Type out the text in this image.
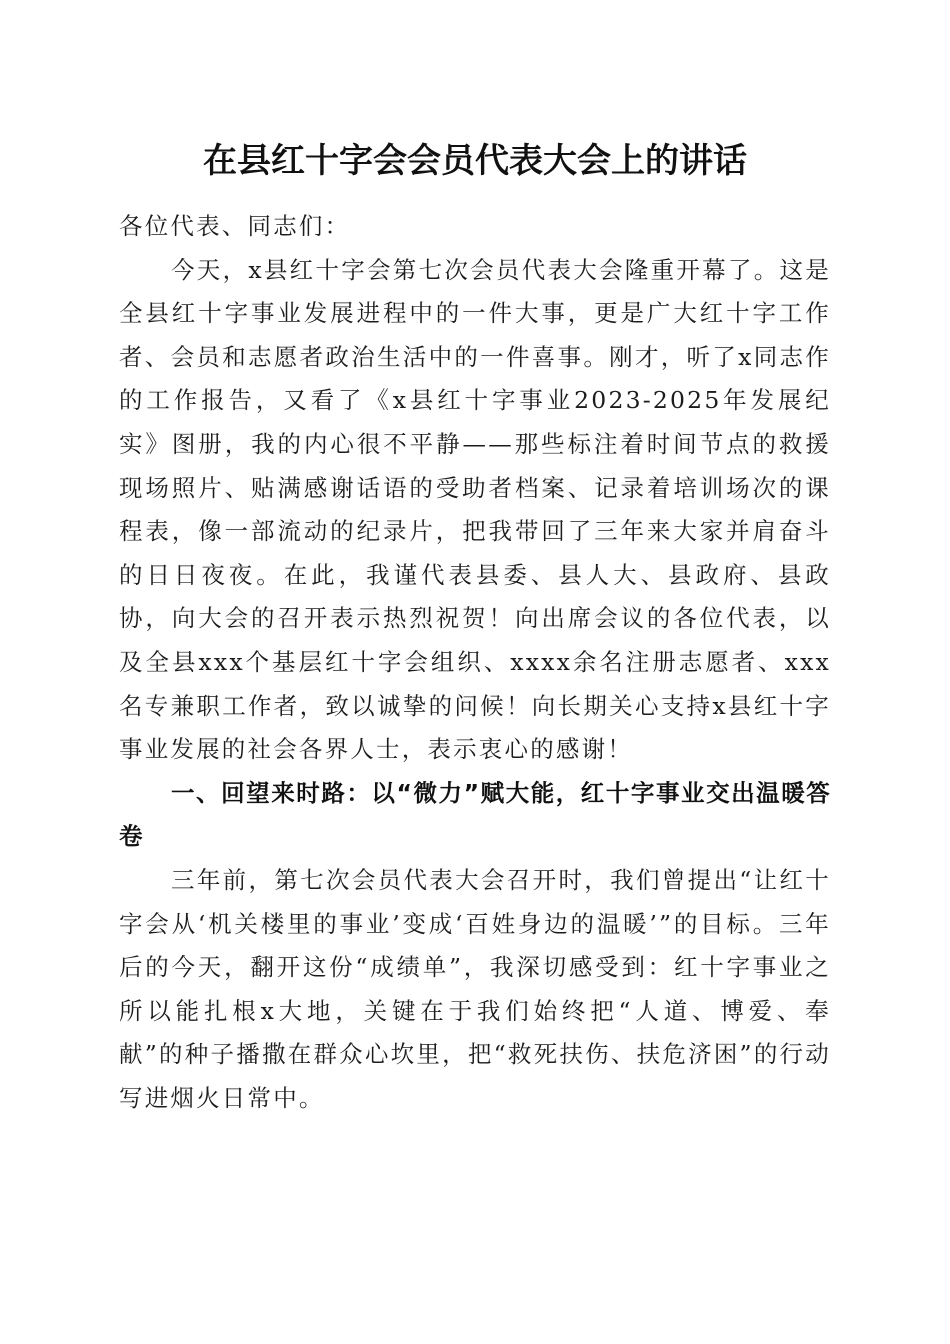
在县红十字会会员代表大会上的讲话

各位代表、同志们：

今天，x县红十字会第七次会员代表大会隆重开幕了。这是全县红十字事业发展进程中的一件大事，更是广大红十字工作者、会员和志愿者政治生活中的一件喜事。刚才，听了x同志作的工作报告，又看了《x县红十字事业2023-2025年发展纪实》图册，我的内心很不平静——那些标注着时间节点的救援现场照片、贴满感谢话语的受助者档案、记录着培训场次的课程表，像一部流动的纪录片，把我带回了三年来大家并肩奋斗的日日夜夜。在此，我谨代表县委、县人大、县政府、县政协，向大会的召开表示热烈祝贺！向出席会议的各位代表，以及全县xxx个基层红十字会组织、xxxx余名注册志愿者、xxx名专兼职工作者，致以诚挚的问候！向长期关心支持x县红十字事业发展的社会各界人士，表示衷心的感谢！

一、回望来时路：以“微力”赋大能，红十字事业交出温暖答卷

三年前，第七次会员代表大会召开时，我们曾提出“让红十字会从‘机关楼里的事业’变成‘百姓身边的温暖’”的目标。三年后的今天，翻开这份“成绩单”，我深切感受到：红十字事业之所以能扎根x大地，关键在于我们始终把“人道、博爱、奉献”的种子播撒在群众心坎里，把“救死扶伤、扶危济困”的行动写进烟火日常中。
